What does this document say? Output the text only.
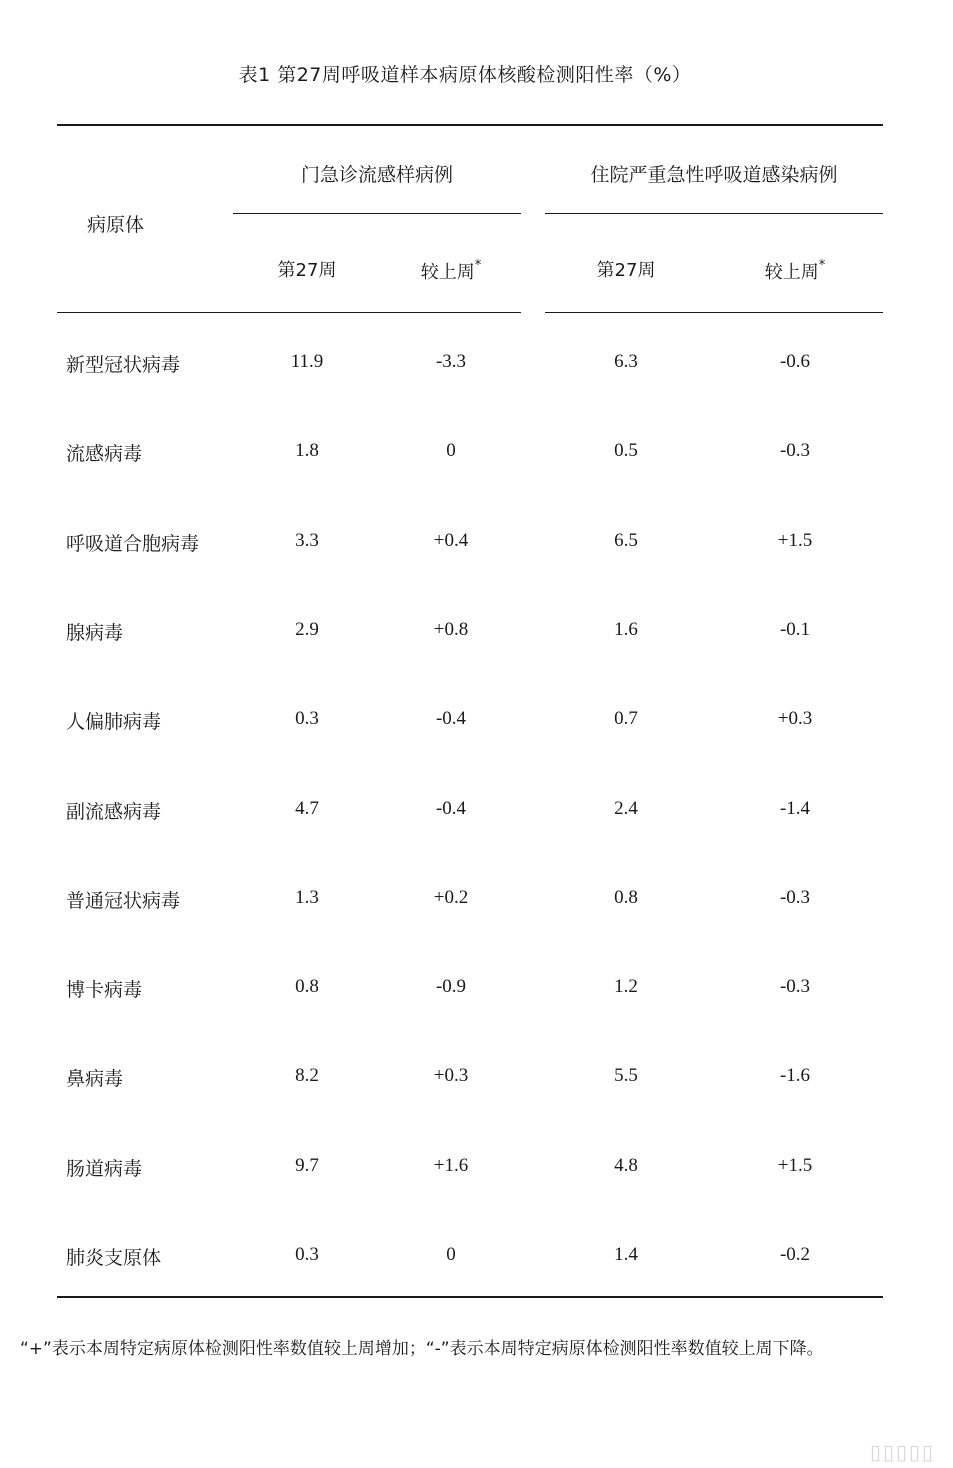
表1 第27周呼吸道样本病原体核酸检测阳性率（%）
病原体
门急诊流感样病例	住院严重急性呼吸道感染病例
第27周	较上周*	第27周	较上周*
新型冠状病毒	11.9	-3.3	6.3	-0.6
流感病毒	1.8	0	0.5	-0.3
呼吸道合胞病毒	3.3	+0.4	6.5	+1.5
腺病毒	2.9	+0.8	1.6	-0.1
人偏肺病毒	0.3	-0.4	0.7	+0.3
副流感病毒	4.7	-0.4	2.4	-1.4
普通冠状病毒	1.3	+0.2	0.8	-0.3
博卡病毒	0.8	-0.9	1.2	-0.3
鼻病毒	8.2	+0.3	5.5	-1.6
肠道病毒	9.7	+1.6	4.8	+1.5
肺炎支原体	0.3	0	1.4	-0.2
“+”表示本周特定病原体检测阳性率数值较上周增加；“-”表示本周特定病原体检测阳性率数值较上周下降。
▯▯▯▯▯
